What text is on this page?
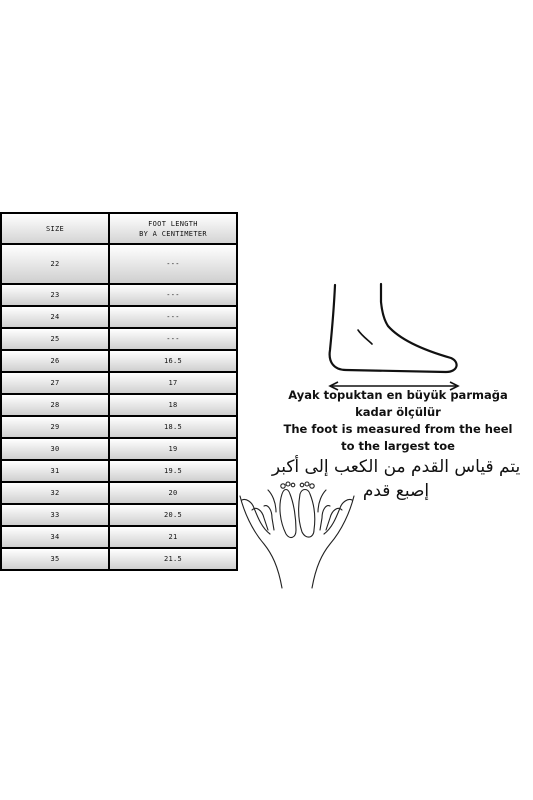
SIZE	FOOT LENGTH
BY A CENTIMETER
22	---
23	---
24	---
25	---
26	16.5
27	17
28	18
29	18.5
30	19
31	19.5
32	20
33	20.5
34	21
35	21.5
Ayak topuktan en büyük parmağa kadar ölçülür
The foot is measured from the heel to the largest toe
يتم قياس القدم من الكعب إلى أكبر إصبع قدم
